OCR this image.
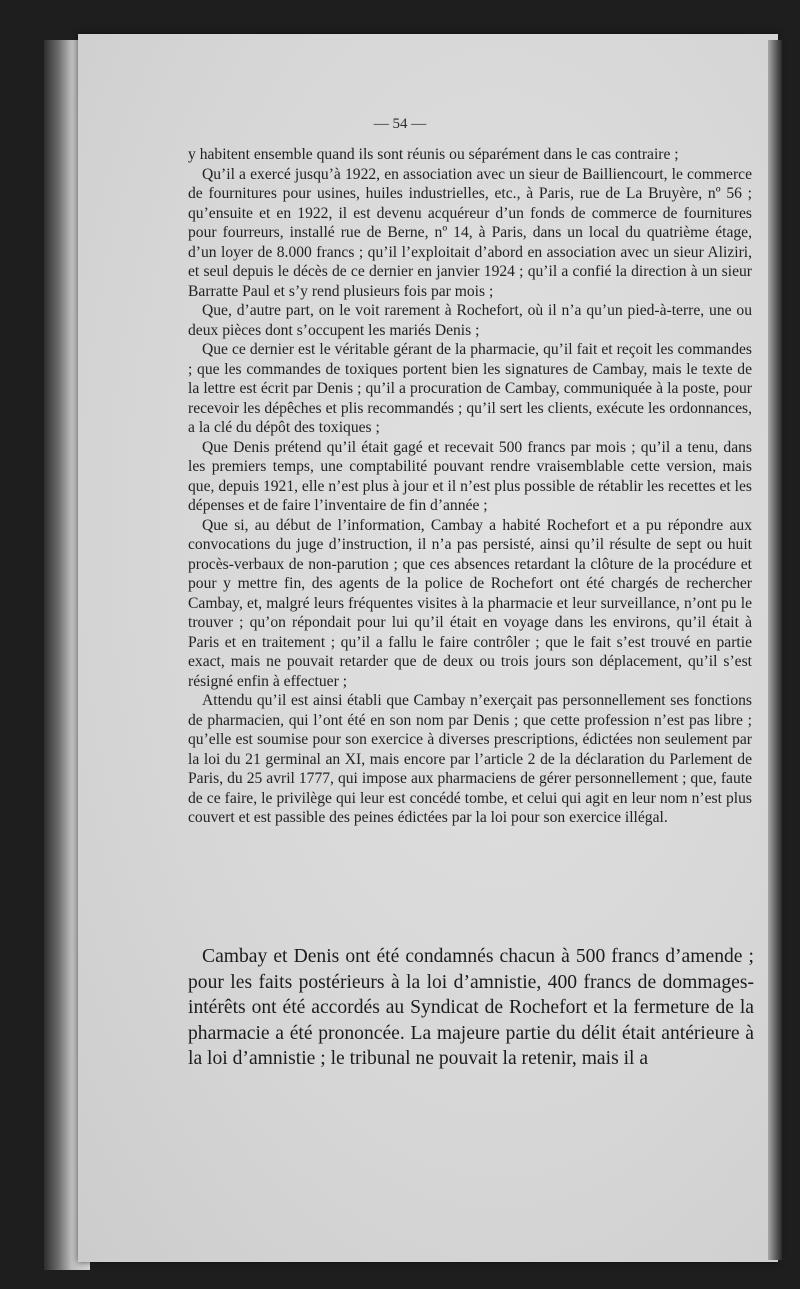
— 54 —

y habitent ensemble quand ils sont réunis ou séparément dans le cas contraire ;

Qu’il a exercé jusqu’à 1922, en association avec un sieur de Bailliencourt, le commerce de fournitures pour usines, huiles industrielles, etc., à Paris, rue de La Bruyère, nº 56 ; qu’ensuite et en 1922, il est devenu acquéreur d’un fonds de commerce de fournitures pour fourreurs, installé rue de Berne, nº 14, à Paris, dans un local du quatrième étage, d’un loyer de 8.000 francs ; qu’il l’exploitait d’abord en association avec un sieur Aliziri, et seul depuis le décès de ce dernier en janvier 1924 ; qu’il a confié la direction à un sieur Barratte Paul et s’y rend plusieurs fois par mois ;

Que, d’autre part, on le voit rarement à Rochefort, où il n’a qu’un pied-à-terre, une ou deux pièces dont s’occupent les mariés Denis ;

Que ce dernier est le véritable gérant de la pharmacie, qu’il fait et reçoit les commandes ; que les commandes de toxiques portent bien les signatures de Cambay, mais le texte de la lettre est écrit par Denis ; qu’il a procuration de Cambay, communiquée à la poste, pour recevoir les dépêches et plis recommandés ; qu’il sert les clients, exécute les ordonnances, a la clé du dépôt des toxiques ;

Que Denis prétend qu’il était gagé et recevait 500 francs par mois ; qu’il a tenu, dans les premiers temps, une comptabilité pouvant rendre vraisemblable cette version, mais que, depuis 1921, elle n’est plus à jour et il n’est plus possible de rétablir les recettes et les dépenses et de faire l’inventaire de fin d’année ;

Que si, au début de l’information, Cambay a habité Rochefort et a pu répondre aux convocations du juge d’instruction, il n’a pas persisté, ainsi qu’il résulte de sept ou huit procès-verbaux de non-parution ; que ces absences retardant la clôture de la procédure et pour y mettre fin, des agents de la police de Rochefort ont été chargés de rechercher Cambay, et, malgré leurs fréquentes visites à la pharmacie et leur surveillance, n’ont pu le trouver ; qu’on répondait pour lui qu’il était en voyage dans les environs, qu’il était à Paris et en traitement ; qu’il a fallu le faire contrôler ; que le fait s’est trouvé en partie exact, mais ne pouvait retarder que de deux ou trois jours son déplacement, qu’il s’est résigné enfin à effectuer ;

Attendu qu’il est ainsi établi que Cambay n’exerçait pas personnellement ses fonctions de pharmacien, qui l’ont été en son nom par Denis ; que cette profession n’est pas libre ; qu’elle est soumise pour son exercice à diverses prescriptions, édictées non seulement par la loi du 21 germinal an XI, mais encore par l’article 2 de la déclaration du Parlement de Paris, du 25 avril 1777, qui impose aux pharmaciens de gérer personnellement ; que, faute de ce faire, le privilège qui leur est concédé tombe, et celui qui agit en leur nom n’est plus couvert et est passible des peines édictées par la loi pour son exercice illégal.

Cambay et Denis ont été condamnés chacun à 500 francs d’amende ; pour les faits postérieurs à la loi d’amnistie, 400 francs de dommages-intérêts ont été accordés au Syndicat de Rochefort et la fermeture de la pharmacie a été prononcée. La majeure partie du délit était antérieure à la loi d’amnistie ; le tribunal ne pouvait la retenir, mais il a
